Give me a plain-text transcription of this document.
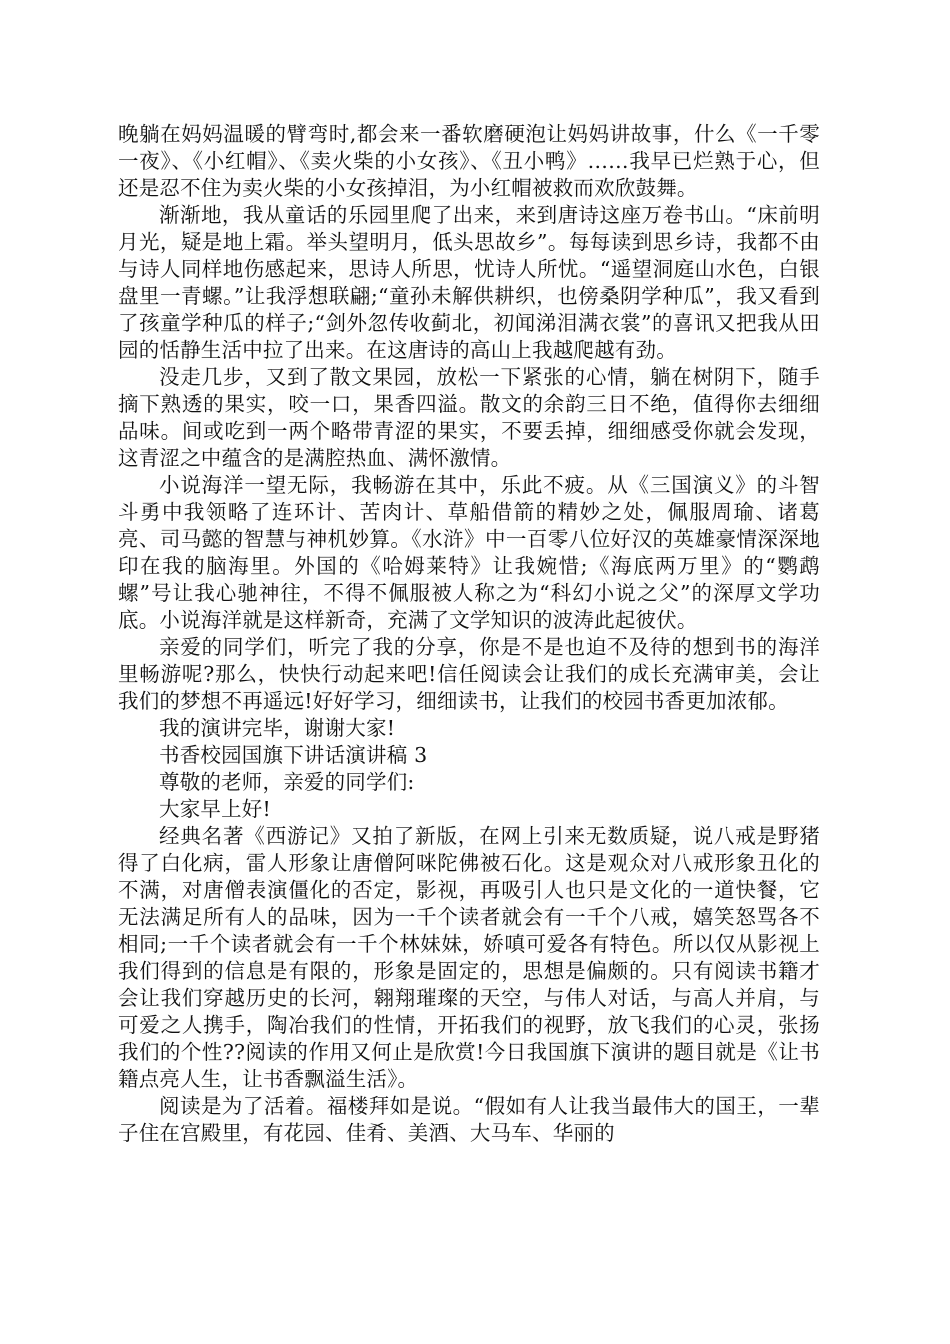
晚躺在妈妈温暖的臂弯时,都会来一番软磨硬泡让妈妈讲故事，什么《一千零一夜》、《小红帽》、《卖火柴的小女孩》、《丑小鸭》……我早已烂熟于心，但还是忍不住为卖火柴的小女孩掉泪，为小红帽被救而欢欣鼓舞。

渐渐地，我从童话的乐园里爬了出来，来到唐诗这座万卷书山。“床前明月光，疑是地上霜。举头望明月，低头思故乡”。每每读到思乡诗，我都不由与诗人同样地伤感起来，思诗人所思，忧诗人所忧。“遥望洞庭山水色，白银盘里一青螺。”让我浮想联翩;“童孙未解供耕织，也傍桑阴学种瓜”，我又看到了孩童学种瓜的样子;“剑外忽传收蓟北，初闻涕泪满衣裳”的喜讯又把我从田园的恬静生活中拉了出来。在这唐诗的高山上我越爬越有劲。

没走几步，又到了散文果园，放松一下紧张的心情，躺在树阴下，随手摘下熟透的果实，咬一口，果香四溢。散文的余韵三日不绝，值得你去细细品味。间或吃到一两个略带青涩的果实，不要丢掉，细细感受你就会发现，这青涩之中蕴含的是满腔热血、满怀激情。

小说海洋一望无际，我畅游在其中，乐此不疲。从《三国演义》的斗智斗勇中我领略了连环计、苦肉计、草船借箭的精妙之处，佩服周瑜、诸葛亮、司马懿的智慧与神机妙算。《水浒》中一百零八位好汉的英雄豪情深深地印在我的脑海里。外国的《哈姆莱特》让我婉惜;《海底两万里》的“鹦鹉螺”号让我心驰神往，不得不佩服被人称之为“科幻小说之父”的深厚文学功底。小说海洋就是这样新奇，充满了文学知识的波涛此起彼伏。

亲爱的同学们，听完了我的分享，你是不是也迫不及待的想到书的海洋里畅游呢?那么，快快行动起来吧!信任阅读会让我们的成长充满审美，会让我们的梦想不再遥远!好好学习，细细读书，让我们的校园书香更加浓郁。

我的演讲完毕，谢谢大家!

书香校园国旗下讲话演讲稿 3

尊敬的老师，亲爱的同学们:

大家早上好!

经典名著《西游记》又拍了新版，在网上引来无数质疑，说八戒是野猪得了白化病，雷人形象让唐僧阿咪陀佛被石化。这是观众对八戒形象丑化的不满，对唐僧表演僵化的否定，影视，再吸引人也只是文化的一道快餐，它无法满足所有人的品味，因为一千个读者就会有一千个八戒，嬉笑怒骂各不相同;一千个读者就会有一千个林妹妹，娇嗔可爱各有特色。所以仅从影视上我们得到的信息是有限的，形象是固定的，思想是偏颇的。只有阅读书籍才会让我们穿越历史的长河，翱翔璀璨的天空，与伟人对话，与高人并肩，与可爱之人携手，陶冶我们的性情，开拓我们的视野，放飞我们的心灵，张扬我们的个性??阅读的作用又何止是欣赏!今日我国旗下演讲的题目就是《让书籍点亮人生，让书香飘溢生活》。

阅读是为了活着。福楼拜如是说。“假如有人让我当最伟大的国王，一辈子住在宫殿里，有花园、佳肴、美酒、大马车、华丽的
